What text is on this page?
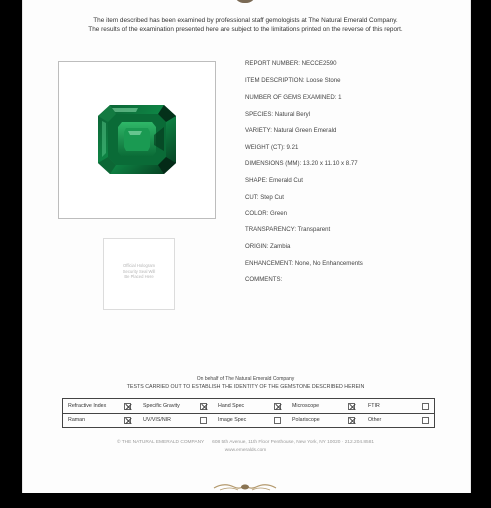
The item described has been examined by professional staff gemologists at The Natural Emerald Company.
The results of the examination presented here are subject to the limitations printed on the reverse of this report.
Official Hologram
Security Seal Will
Be Placed Here
REPORT NUMBER: NECCE2590
ITEM DESCRIPTION: Loose Stone
NUMBER OF GEMS EXAMINED: 1
SPECIES: Natural Beryl
VARIETY: Natural Green Emerald
WEIGHT (CT): 9.21
DIMENSIONS (MM): 13.20 x 11.10 x 8.77
SHAPE: Emerald Cut
CUT: Step Cut
COLOR: Green
TRANSPARENCY: Transparent
ORIGIN: Zambia
ENHANCEMENT: None, No Enhancements
COMMENTS:
On behalf of The Natural Emerald Company
TESTS CARRIED OUT TO ESTABLISH THE IDENTITY OF THE GEMSTONE DESCRIBED HEREIN
Refractive Index	Specific Gravity	Hand Spec	Microscope	FTIR
Raman	UV/VIS/NIR	Image Spec	Polariscope	Other
© THE NATURAL EMERALD COMPANY 608 5th Avenue, 11th Floor Penthouse, New York, NY 10020 · 212.204.8581
www.emeralds.com
